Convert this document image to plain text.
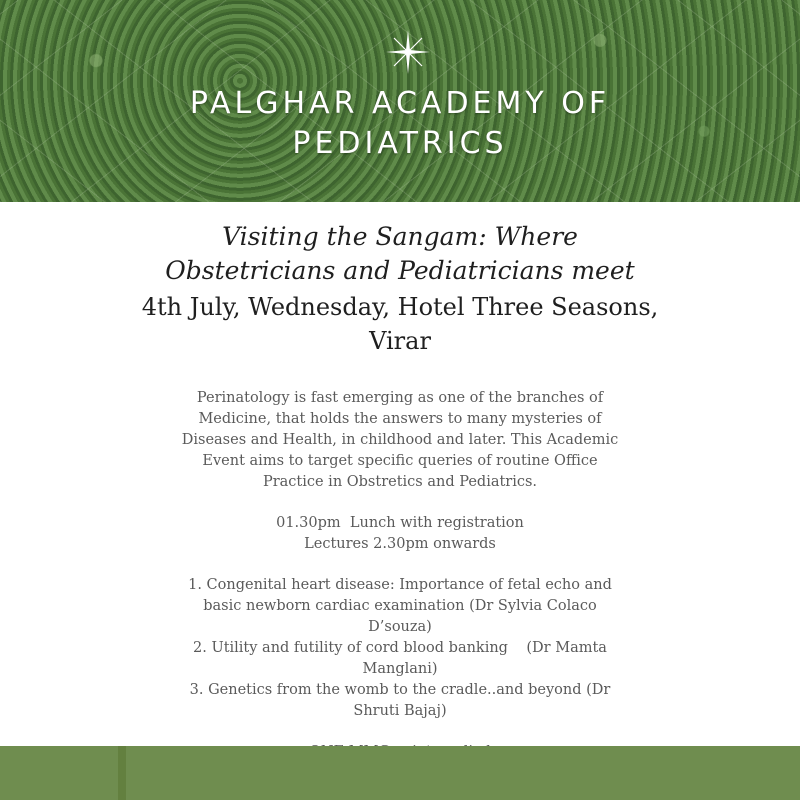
PALGHAR ACADEMY OF
PEDIATRICS
Visiting the Sangam: Where
Obstetricians and Pediatricians meet
4th July, Wednesday, Hotel Three Seasons,
Virar
Perinatology is fast emerging as one of the branches of
Medicine, that holds the answers to many mysteries of
Diseases and Health, in childhood and later. This Academic
Event aims to target specific queries of routine Office
Practice in Obstretics and Pediatrics.
01.30pm  Lunch with registration
Lectures 2.30pm onwards
1. Congenital heart disease: Importance of fetal echo and
basic newborn cardiac examination (Dr Sylvia Colaco
D’souza)
2. Utility and futility of cord blood banking    (Dr Mamta
Manglani)
3. Genetics from the womb to the cradle..and beyond (Dr
Shruti Bajaj)
